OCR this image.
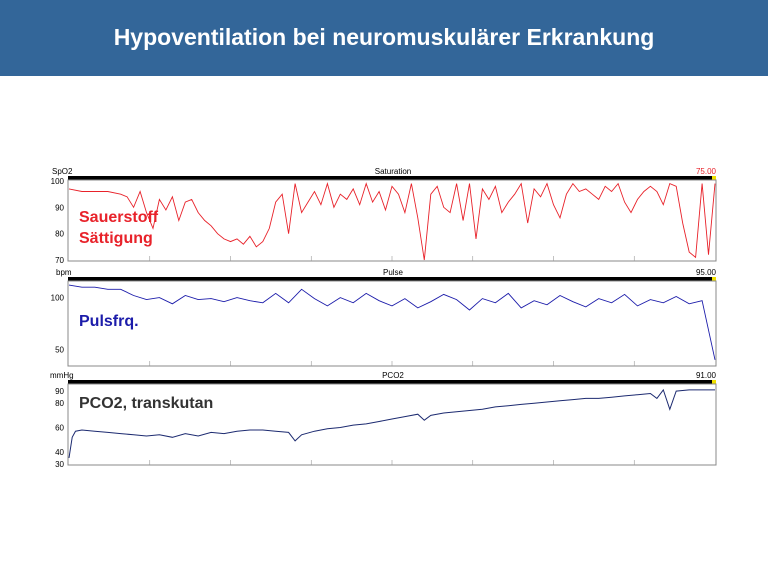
Hypoventilation bei neuromuskulärer Erkrankung
SpO2	Saturation	75.00
100
90
80
70
Sauerstoff
Sättigung
bpm	Pulse	95.00
100
50
Pulsfrq.
mmHg	PCO2	91.00
90
80
60
40
30
PCO2, transkutan
